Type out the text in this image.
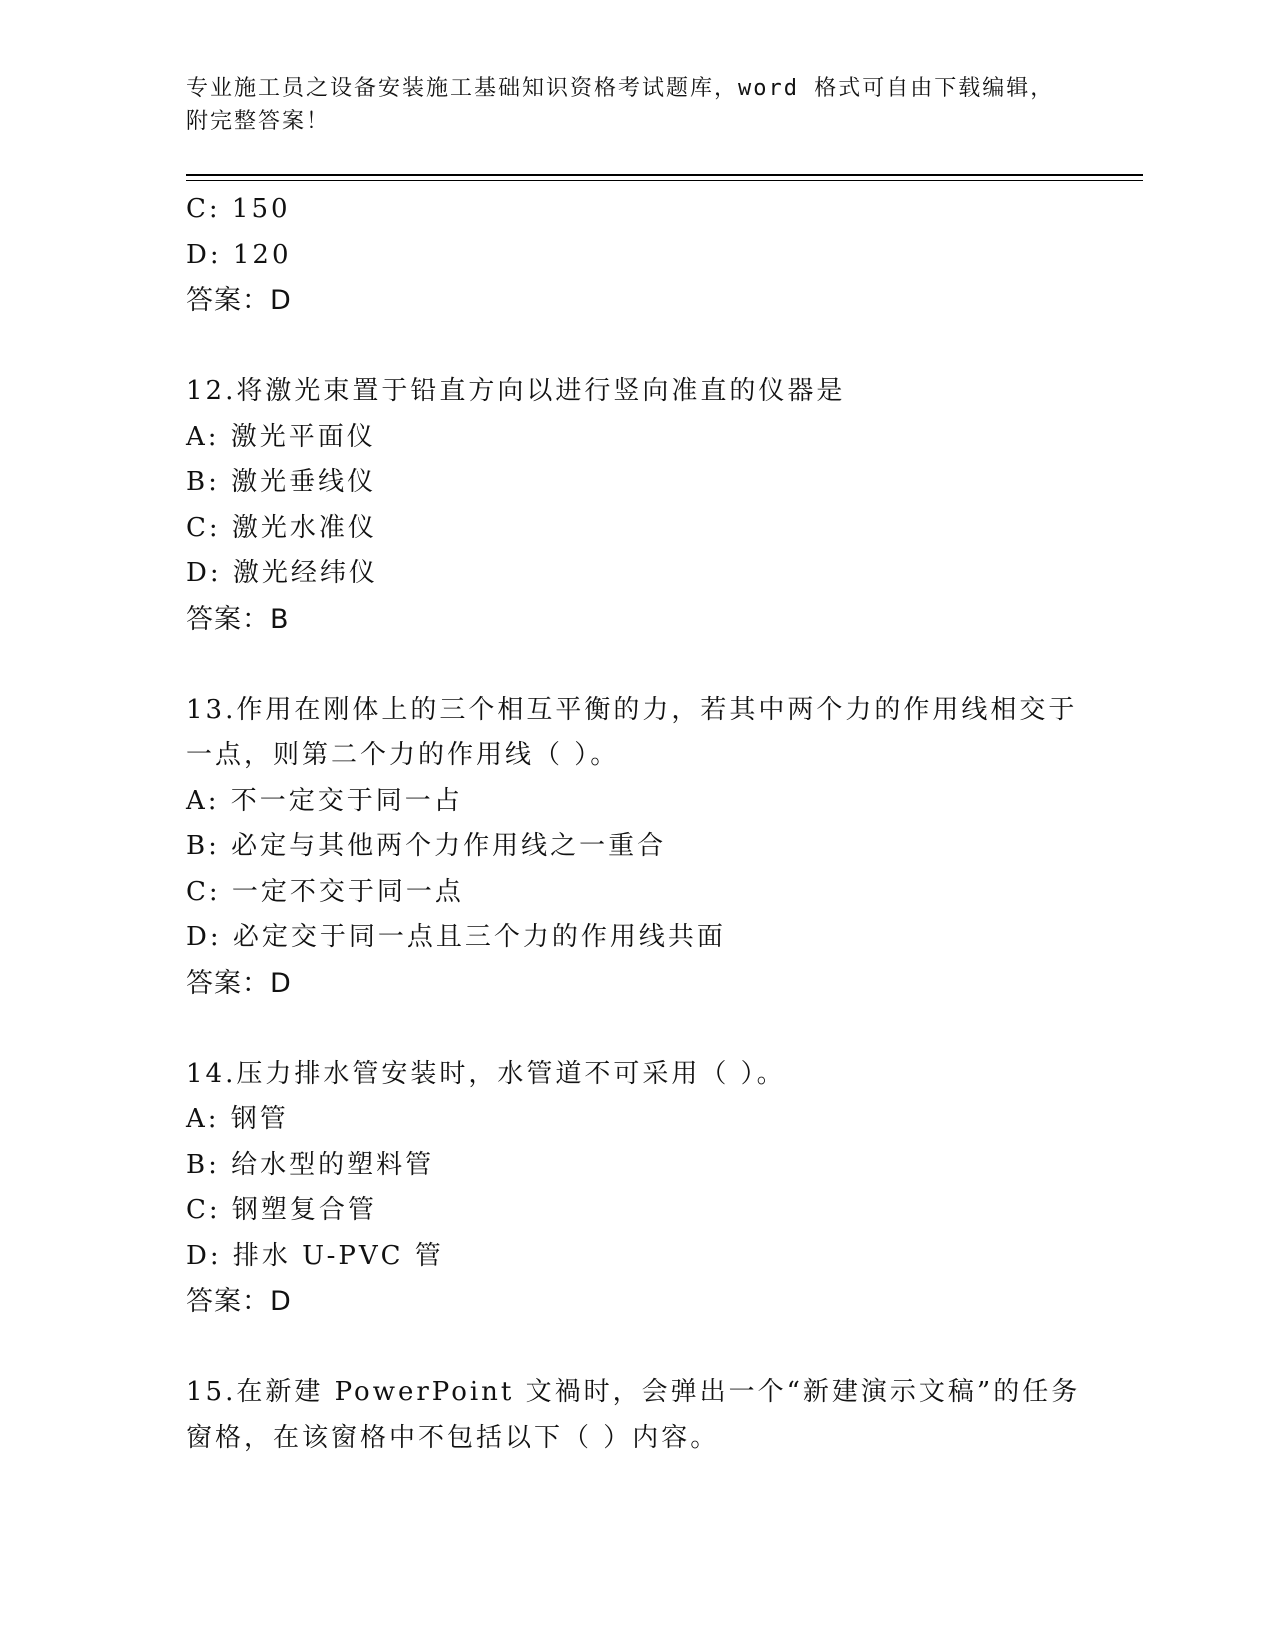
专业施工员之设备安装施工基础知识资格考试题库，word 格式可自由下载编辑，
附完整答案！
C: 150
D: 120
答案：D
12.将激光束置于铅直方向以进行竖向准直的仪器是
A: 激光平面仪
B: 激光垂线仪
C: 激光水准仪
D: 激光经纬仪
答案：B
13.作用在刚体上的三个相互平衡的力，若其中两个力的作用线相交于
一点，则第二个力的作用线（ ）。
A: 不一定交于同一占
B: 必定与其他两个力作用线之一重合
C: 一定不交于同一点
D: 必定交于同一点且三个力的作用线共面
答案：D
14.压力排水管安装时，水管道不可采用（ ）。
A: 钢管
B: 给水型的塑料管
C: 钢塑复合管
D: 排水 U-PVC 管
答案：D
15.在新建 PowerPoint 文禍时，会弹出一个“新建演示文稿”的任务
窗格，在该窗格中不包括以下（ ）内容。
